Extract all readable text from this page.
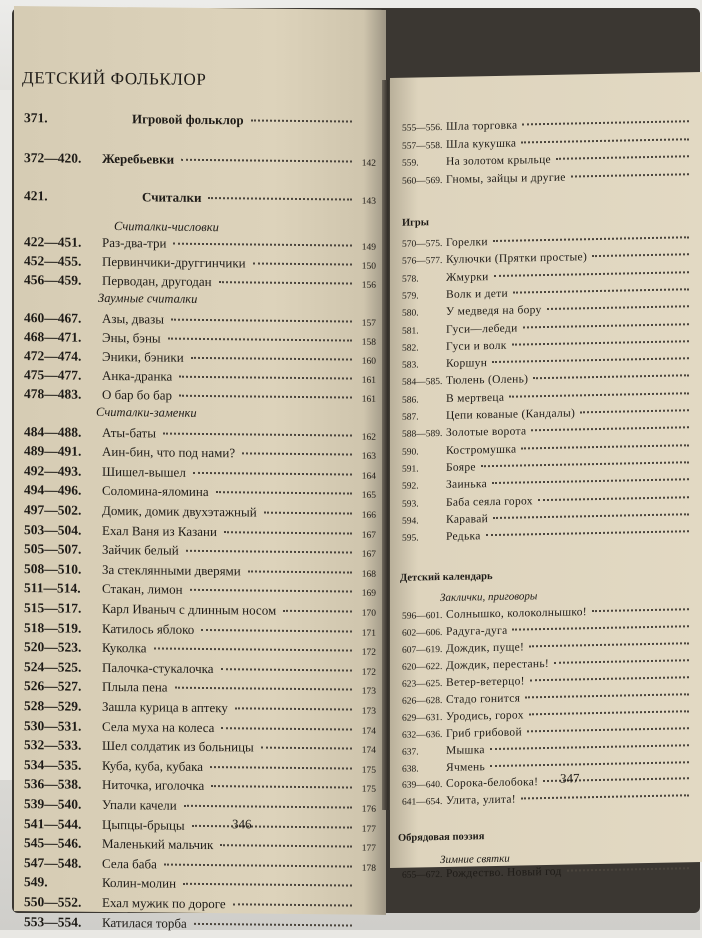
ДЕТСКИЙ ФОЛЬКЛОР
371.	Игровой фольклор
372—420.	Жеребьевки	142
421.	Считалки	143
Считалки-числовки
422—451.	Раз-два-три	149
452—455.	Первинчики-друггинчики	150
456—459.	Перводан, другодан	156
Заумные считалки
460—467.	Азы, двазы	157
468—471.	Эны, бэны	158
472—474.	Эники, бэники	160
475—477.	Анка-дранка	161
478—483.	О бар бо бар	161
Считалки-заменки
484—488.	Аты-баты	162
489—491.	Аин-бин, что под нами?	163
492—493.	Шишел-вышел	164
494—496.	Соломина-яломина	165
497—502.	Домик, домик двухэтажный	166
503—504.	Ехал Ваня из Казани	167
505—507.	Зайчик белый	167
508—510.	За стеклянными дверями	168
511—514.	Стакан, лимон	169
515—517.	Карл Иваныч с длинным носом	170
518—519.	Катилось яблоко	171
520—523.	Куколка	172
524—525.	Палочка-стукалочка	172
526—527.	Плыла пена	173
528—529.	Зашла курица в аптеку	173
530—531.	Села муха на колеса	174
532—533.	Шел солдатик из больницы	174
534—535.	Куба, куба, кубака	175
536—538.	Ниточка, иголочка	175
539—540.	Упали качели	176
541—544.	Цыпцы-брыцы	177
545—546.	Маленький мальчик	177
547—548.	Села баба	178
549.	Колин-молин
550—552.	Ехал мужик по дороге
553—554.	Катилася торба
346
555—556. Шла торговка
557—558. Шла кукушка
559.	На золотом крыльце
560—569. Гномы, зайцы и другие
Игры
570—575. Горелки
576—577. Кулючки (Прятки простые)
578.	Жмурки
579.	Волк и дети
580.	У медведя на бору
581.	Гуси—лебеди
582.	Гуси и волк
583.	Коршун
584—585. Тюлень (Олень)
586.	В мертвеца
587.	Цепи кованые (Кандалы)
588—589. Золотые ворота
590.	Костромушка
591.	Бояре
592.	Заинька
593.	Баба сеяла горох
594.	Каравай
595.	Редька
Детский календарь
Заклички, приговоры
596—601. Солнышко, колоколнышко!
602—606. Радуга-дуга
607—619. Дождик, пуще!
620—622. Дождик, перестань!
623—625. Ветер-ветерцо!
626—628. Стадо гонится
629—631. Уродись, горох
632—636. Гриб грибовой
637.	Мышка
638.	Ячмень
639—640. Сорока-белобока!
641—654. Улита, улита!
Обрядовая поэзия
Зимние святки
655—672. Рождество. Новый год
347
